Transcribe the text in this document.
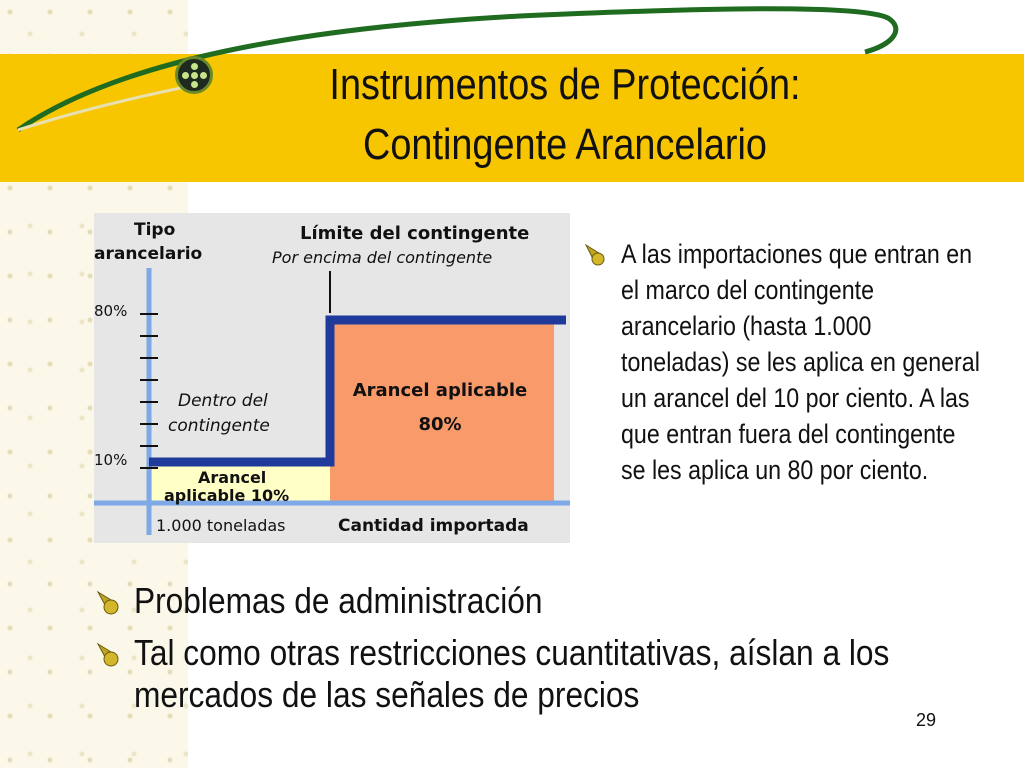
Instrumentos de Protección:
Contingente Arancelario
Tipo
arancelario
Límite del contingente
Por encima del contingente
80%
10%
Dentro del
contingente
Arancel
aplicable 10%
Arancel aplicable
80%
1.000 toneladas	Cantidad importada
A las importaciones que entran en el marco del contingente arancelario (hasta 1.000 toneladas) se les aplica en general un arancel del 10 por ciento. A las que entran fuera del contingente se les aplica un 80 por ciento.
Problemas de administración
Tal como otras restricciones cuantitativas, aíslan a los
mercados de las señales de precios
29
